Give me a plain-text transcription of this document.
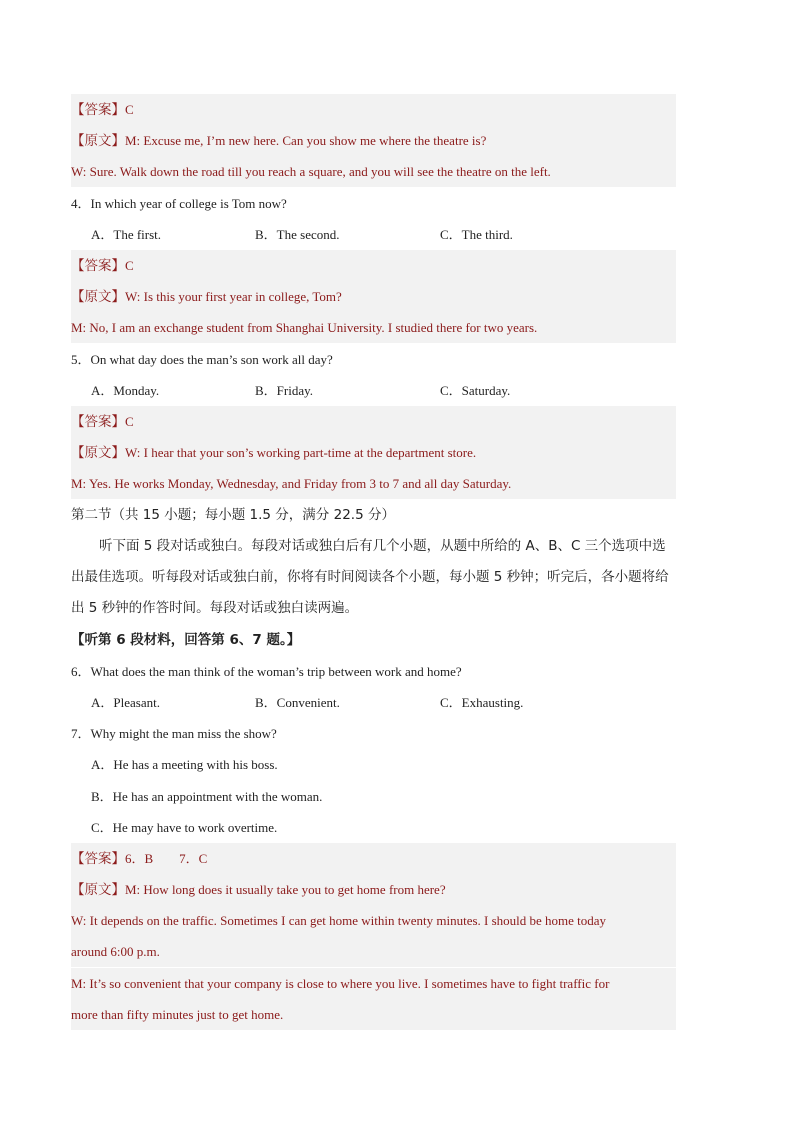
【答案】C
【原文】M: Excuse me, I’m new here. Can you show me where the theatre is?
W: Sure. Walk down the road till you reach a square, and you will see the theatre on the left.
4．In which year of college is Tom now?
A．The first.	B．The second.	C．The third.
【答案】C
【原文】W: Is this your first year in college, Tom?
M: No, I am an exchange student from Shanghai University. I studied there for two years.
5．On what day does the man’s son work all day?
A．Monday.	B．Friday.	C．Saturday.
【答案】C
【原文】W: I hear that your son’s working part-time at the department store.
M: Yes. He works Monday, Wednesday, and Friday from 3 to 7 and all day Saturday.
第二节（共 15 小题；每小题 1.5 分，满分 22.5 分）
听下面 5 段对话或独白。每段对话或独白后有几个小题，从题中所给的 A、B、C 三个选项中选出最佳选项。听每段对话或独白前，你将有时间阅读各个小题，每小题 5 秒钟；听完后，各小题将给出 5 秒钟的作答时间。每段对话或独白读两遍。
【听第 6 段材料，回答第 6、7 题。】
6．What does the man think of the woman’s trip between work and home?
A．Pleasant.	B．Convenient.	C．Exhausting.
7．Why might the man miss the show?
A．He has a meeting with his boss.
B．He has an appointment with the woman.
C．He may have to work overtime.
【答案】6．B        7．C
【原文】M: How long does it usually take you to get home from here?
W: It depends on the traffic. Sometimes I can get home within twenty minutes. I should be home today
around 6:00 p.m.
M: It’s so convenient that your company is close to where you live. I sometimes have to fight traffic for
more than fifty minutes just to get home.
